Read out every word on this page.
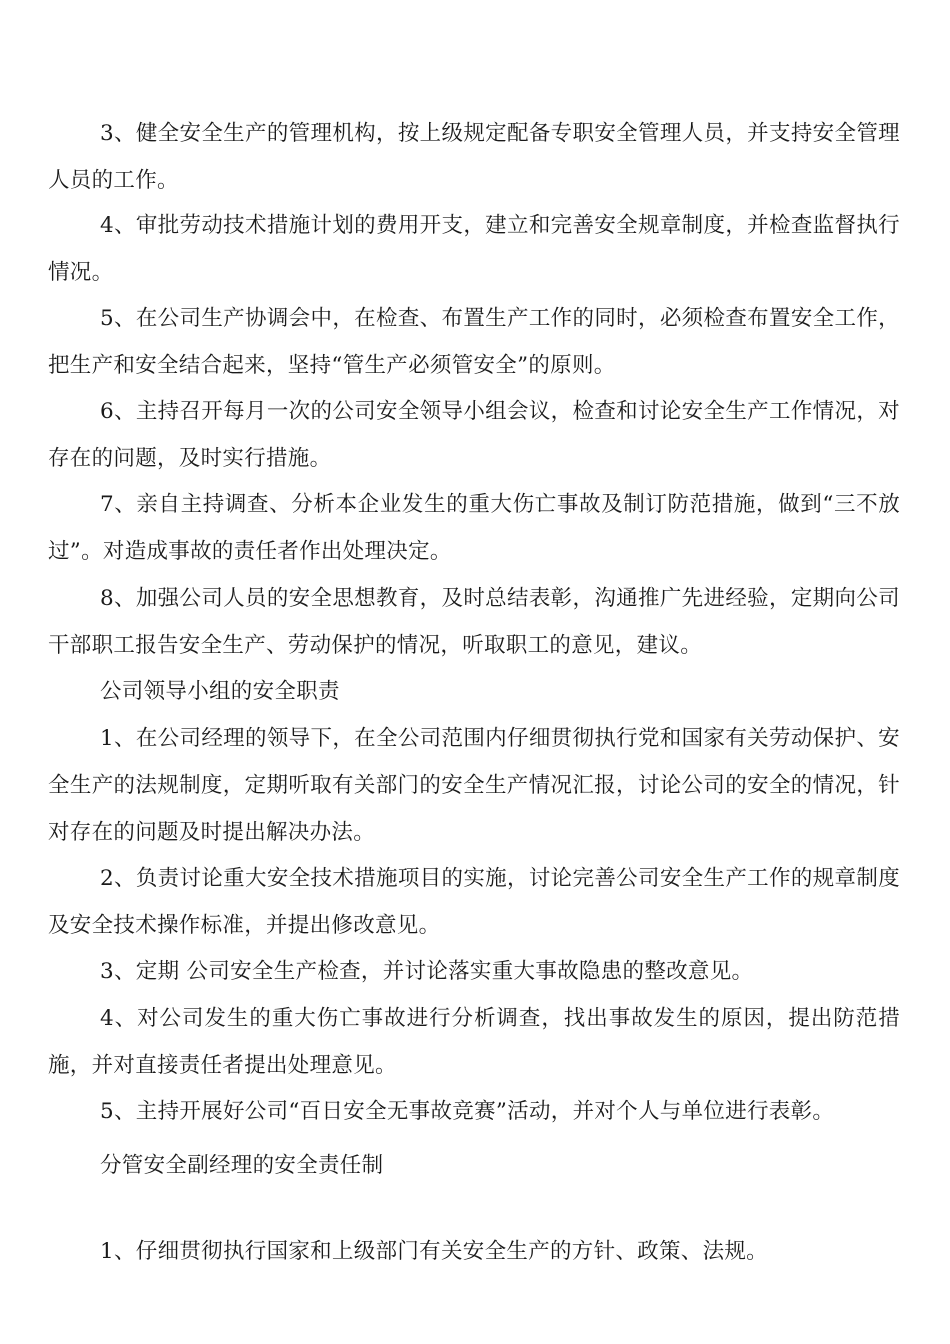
3、健全安全生产的管理机构，按上级规定配备专职安全管理人员，并支持安全管理人员的工作。

4、审批劳动技术措施计划的费用开支，建立和完善安全规章制度，并检查监督执行情况。

5、在公司生产协调会中，在检查、布置生产工作的同时，必须检查布置安全工作，把生产和安全结合起来，坚持“管生产必须管安全”的原则。

6、主持召开每月一次的公司安全领导小组会议，检查和讨论安全生产工作情况，对存在的问题，及时实行措施。

7、亲自主持调查、分析本企业发生的重大伤亡事故及制订防范措施，做到“三不放过”。对造成事故的责任者作出处理决定。

8、加强公司人员的安全思想教育，及时总结表彰，沟通推广先进经验，定期向公司干部职工报告安全生产、劳动保护的情况，听取职工的意见，建议。

公司领导小组的安全职责

1、在公司经理的领导下，在全公司范围内仔细贯彻执行党和国家有关劳动保护、安全生产的法规制度，定期听取有关部门的安全生产情况汇报，讨论公司的安全的情况，针对存在的问题及时提出解决办法。

2、负责讨论重大安全技术措施项目的实施，讨论完善公司安全生产工作的规章制度及安全技术操作标准，并提出修改意见。

3、定期 公司安全生产检查，并讨论落实重大事故隐患的整改意见。

4、对公司发生的重大伤亡事故进行分析调查，找出事故发生的原因，提出防范措施，并对直接责任者提出处理意见。

5、主持开展好公司“百日安全无事故竞赛”活动，并对个人与单位进行表彰。

分管安全副经理的安全责任制

1、仔细贯彻执行国家和上级部门有关安全生产的方针、政策、法规。
